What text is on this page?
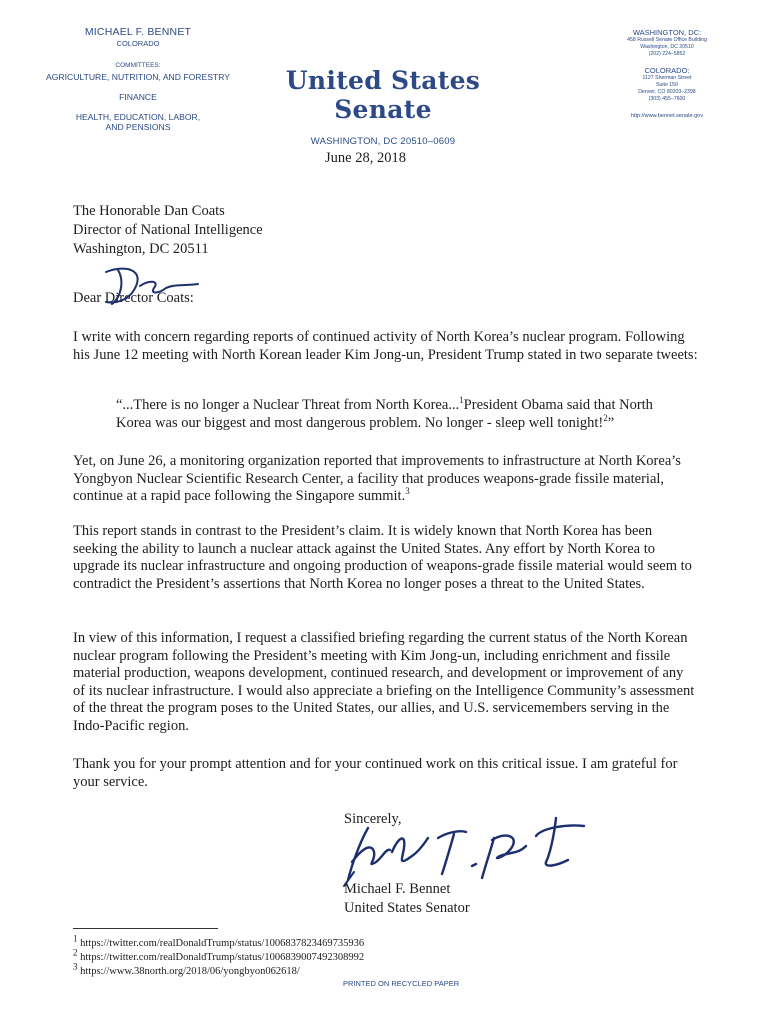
MICHAEL F. BENNET
COLORADO
COMMITTEES:
AGRICULTURE, NUTRITION, AND FORESTRY
FINANCE
HEALTH, EDUCATION, LABOR,
AND PENSIONS
United States Senate
WASHINGTON, DC 20510–0609
WASHINGTON, DC:
458 Russell Senate Office Building
Washington, DC 20510
(202) 224–5852
COLORADO:
1127 Sherman Street
Suite 150
Denver, CO 80203–2398
(303) 455–7600
http://www.bennet.senate.gov
June 28, 2018
The Honorable Dan Coats
Director of National Intelligence
Washington, DC 20511
Dear Director Coats:
I write with concern regarding reports of continued activity of North Korea’s nuclear program. Following his June 12 meeting with North Korean leader Kim Jong-un, President Trump stated in two separate tweets:
“...There is no longer a Nuclear Threat from North Korea...$^1$President Obama said that North Korea was our biggest and most dangerous problem. No longer - sleep well tonight!$^2$”
Yet, on June 26, a monitoring organization reported that improvements to infrastructure at North Korea’s Yongbyon Nuclear Scientific Research Center, a facility that produces weapons-grade fissile material, continue at a rapid pace following the Singapore summit.$^3$
This report stands in contrast to the President’s claim. It is widely known that North Korea has been seeking the ability to launch a nuclear attack against the United States. Any effort by North Korea to upgrade its nuclear infrastructure and ongoing production of weapons-grade fissile material would seem to contradict the President’s assertions that North Korea no longer poses a threat to the United States.
In view of this information, I request a classified briefing regarding the current status of the North Korean nuclear program following the President’s meeting with Kim Jong-un, including enrichment and fissile material production, weapons development, continued research, and development or improvement of any of its nuclear infrastructure. I would also appreciate a briefing on the Intelligence Community’s assessment of the threat the program poses to the United States, our allies, and U.S. servicemembers serving in the Indo-Pacific region.
Thank you for your prompt attention and for your continued work on this critical issue. I am grateful for your service.
Sincerely,
Michael F. Bennet
United States Senator
$^1$ https://twitter.com/realDonaldTrump/status/1006837823469735936
$^2$ https://twitter.com/realDonaldTrump/status/1006839007492308992
$^3$ https://www.38north.org/2018/06/yongbyon062618/
PRINTED ON RECYCLED PAPER
